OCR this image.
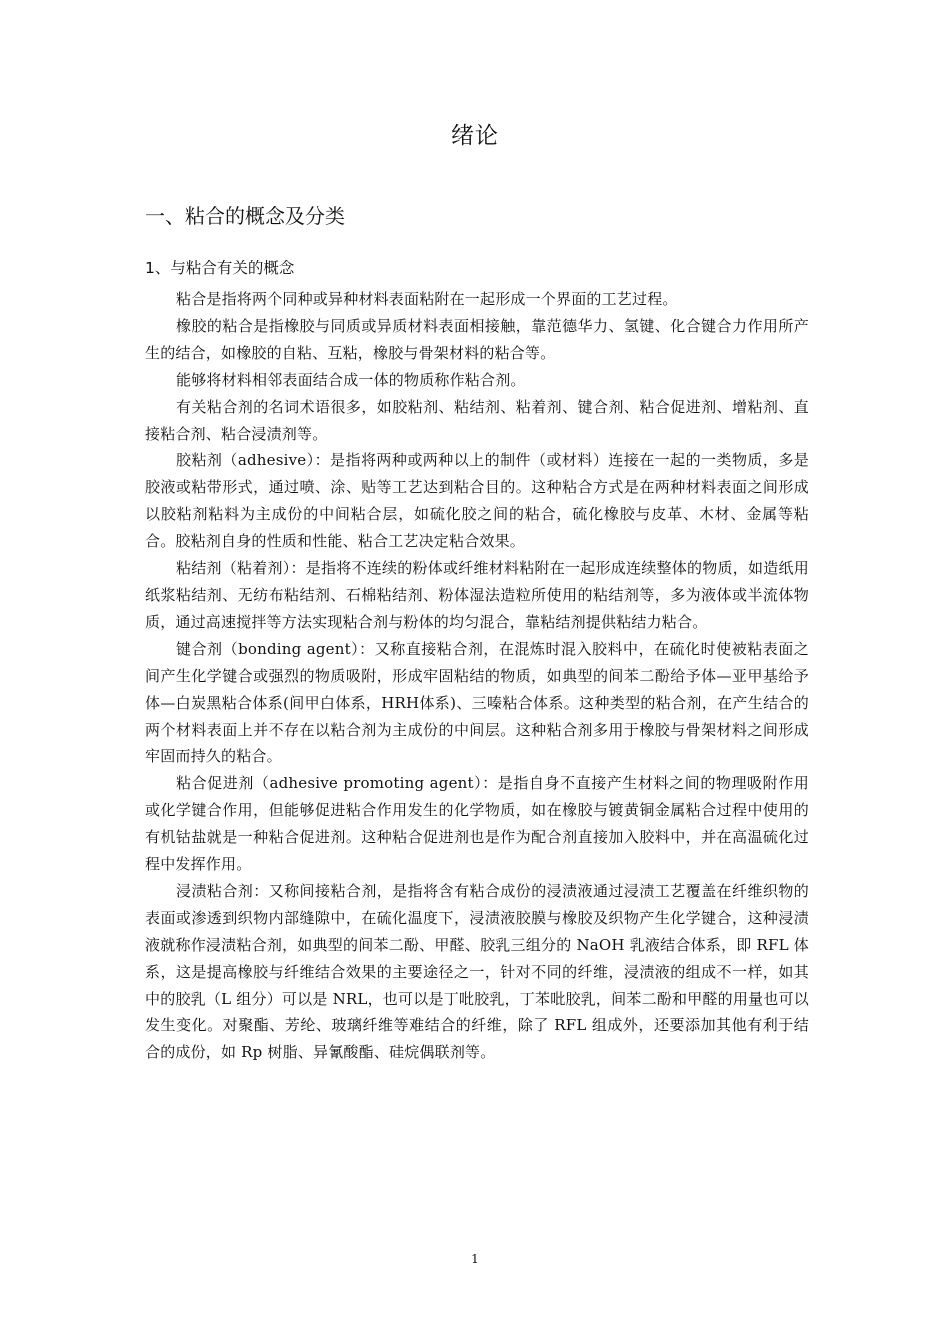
绪论
一、粘合的概念及分类
1、与粘合有关的概念

粘合是指将两个同种或异种材料表面粘附在一起形成一个界面的工艺过程。

橡胶的粘合是指橡胶与同质或异质材料表面相接触，靠范德华力、氢键、化合键合力作用所产生的结合，如橡胶的自粘、互粘，橡胶与骨架材料的粘合等。

能够将材料相邻表面结合成一体的物质称作粘合剂。

有关粘合剂的名词术语很多，如胶粘剂、粘结剂、粘着剂、键合剂、粘合促进剂、增粘剂、直接粘合剂、粘合浸渍剂等。

胶粘剂（adhesive）：是指将两种或两种以上的制件（或材料）连接在一起的一类物质，多是胶液或粘带形式，通过喷、涂、贴等工艺达到粘合目的。这种粘合方式是在两种材料表面之间形成以胶粘剂粘料为主成份的中间粘合层，如硫化胶之间的粘合，硫化橡胶与皮革、木材、金属等粘合。胶粘剂自身的性质和性能、粘合工艺决定粘合效果。

粘结剂（粘着剂）：是指将不连续的粉体或纤维材料粘附在一起形成连续整体的物质，如造纸用纸浆粘结剂、无纺布粘结剂、石棉粘结剂、粉体湿法造粒所使用的粘结剂等，多为液体或半流体物质，通过高速搅拌等方法实现粘合剂与粉体的均匀混合，靠粘结剂提供粘结力粘合。

键合剂（bonding agent）：又称直接粘合剂，在混炼时混入胶料中，在硫化时使被粘表面之间产生化学键合或强烈的物质吸附，形成牢固粘结的物质，如典型的间苯二酚给予体—亚甲基给予体—白炭黑粘合体系(间甲白体系，HRH体系)、三嗪粘合体系。这种类型的粘合剂，在产生结合的两个材料表面上并不存在以粘合剂为主成份的中间层。这种粘合剂多用于橡胶与骨架材料之间形成牢固而持久的粘合。

粘合促进剂（adhesive promoting agent）：是指自身不直接产生材料之间的物理吸附作用或化学键合作用，但能够促进粘合作用发生的化学物质，如在橡胶与镀黄铜金属粘合过程中使用的有机钴盐就是一种粘合促进剂。这种粘合促进剂也是作为配合剂直接加入胶料中，并在高温硫化过程中发挥作用。

浸渍粘合剂：又称间接粘合剂，是指将含有粘合成份的浸渍液通过浸渍工艺覆盖在纤维织物的表面或渗透到织物内部缝隙中，在硫化温度下，浸渍液胶膜与橡胶及织物产生化学键合，这种浸渍液就称作浸渍粘合剂，如典型的间苯二酚、甲醛、胶乳三组分的 NaOH 乳液结合体系，即 RFL 体系，这是提高橡胶与纤维结合效果的主要途径之一，针对不同的纤维，浸渍液的组成不一样，如其中的胶乳（L 组分）可以是 NRL，也可以是丁吡胶乳，丁苯吡胶乳，间苯二酚和甲醛的用量也可以发生变化。对聚酯、芳纶、玻璃纤维等难结合的纤维，除了 RFL 组成外，还要添加其他有利于结合的成份，如 Rp 树脂、异氰酸酯、硅烷偶联剂等。

1
